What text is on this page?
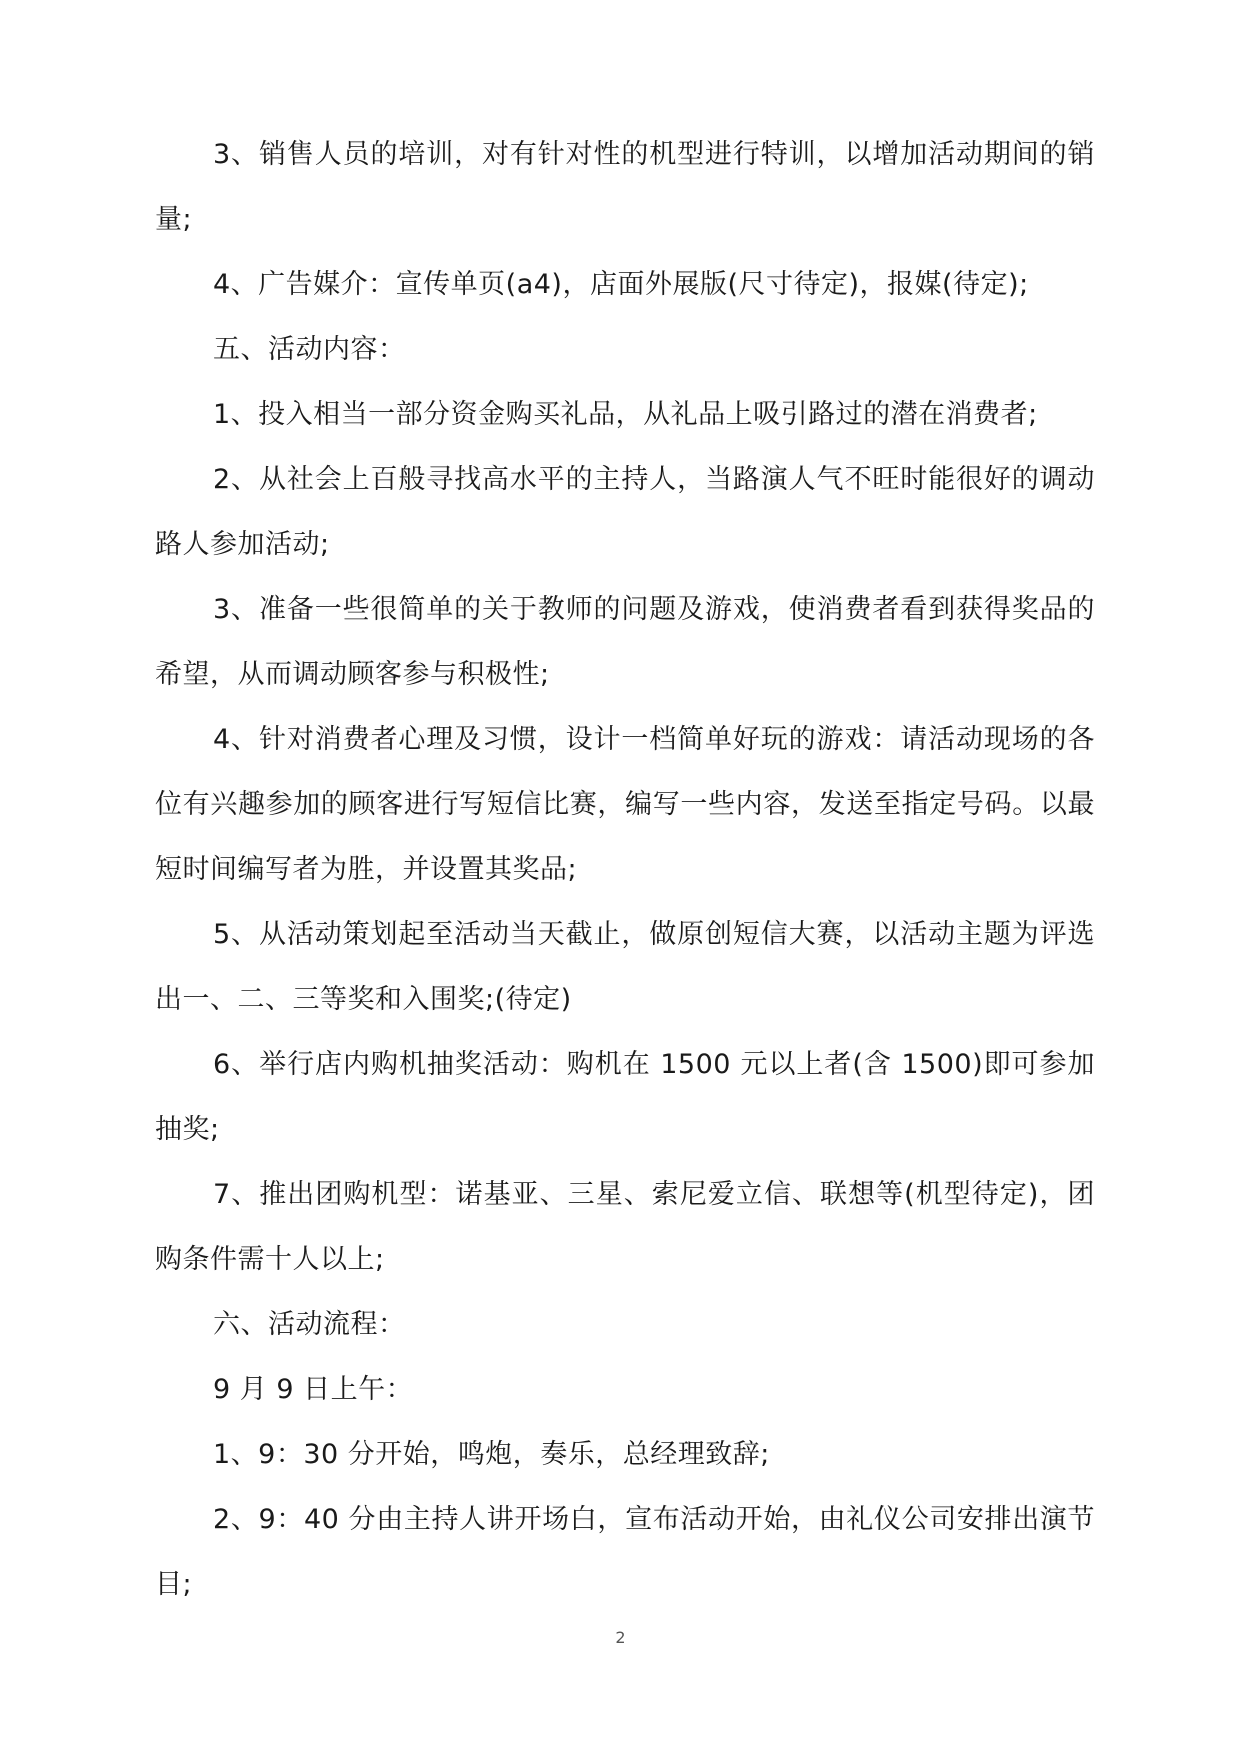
3、销售人员的培训，对有针对性的机型进行特训，以增加活动期间的销量;

4、广告媒介：宣传单页(a4)，店面外展版(尺寸待定)，报媒(待定);

五、活动内容：

1、投入相当一部分资金购买礼品，从礼品上吸引路过的潜在消费者;

2、从社会上百般寻找高水平的主持人，当路演人气不旺时能很好的调动路人参加活动;

3、准备一些很简单的关于教师的问题及游戏，使消费者看到获得奖品的希望，从而调动顾客参与积极性;

4、针对消费者心理及习惯，设计一档简单好玩的游戏：请活动现场的各位有兴趣参加的顾客进行写短信比赛，编写一些内容，发送至指定号码。以最短时间编写者为胜，并设置其奖品;

5、从活动策划起至活动当天截止，做原创短信大赛，以活动主题为评选出一、二、三等奖和入围奖;(待定)

6、举行店内购机抽奖活动：购机在 1500 元以上者(含 1500)即可参加抽奖;

7、推出团购机型：诺基亚、三星、索尼爱立信、联想等(机型待定)，团购条件需十人以上;

六、活动流程：

9 月 9 日上午：

1、9：30 分开始，鸣炮，奏乐，总经理致辞;

2、9：40 分由主持人讲开场白，宣布活动开始，由礼仪公司安排出演节目;

2
